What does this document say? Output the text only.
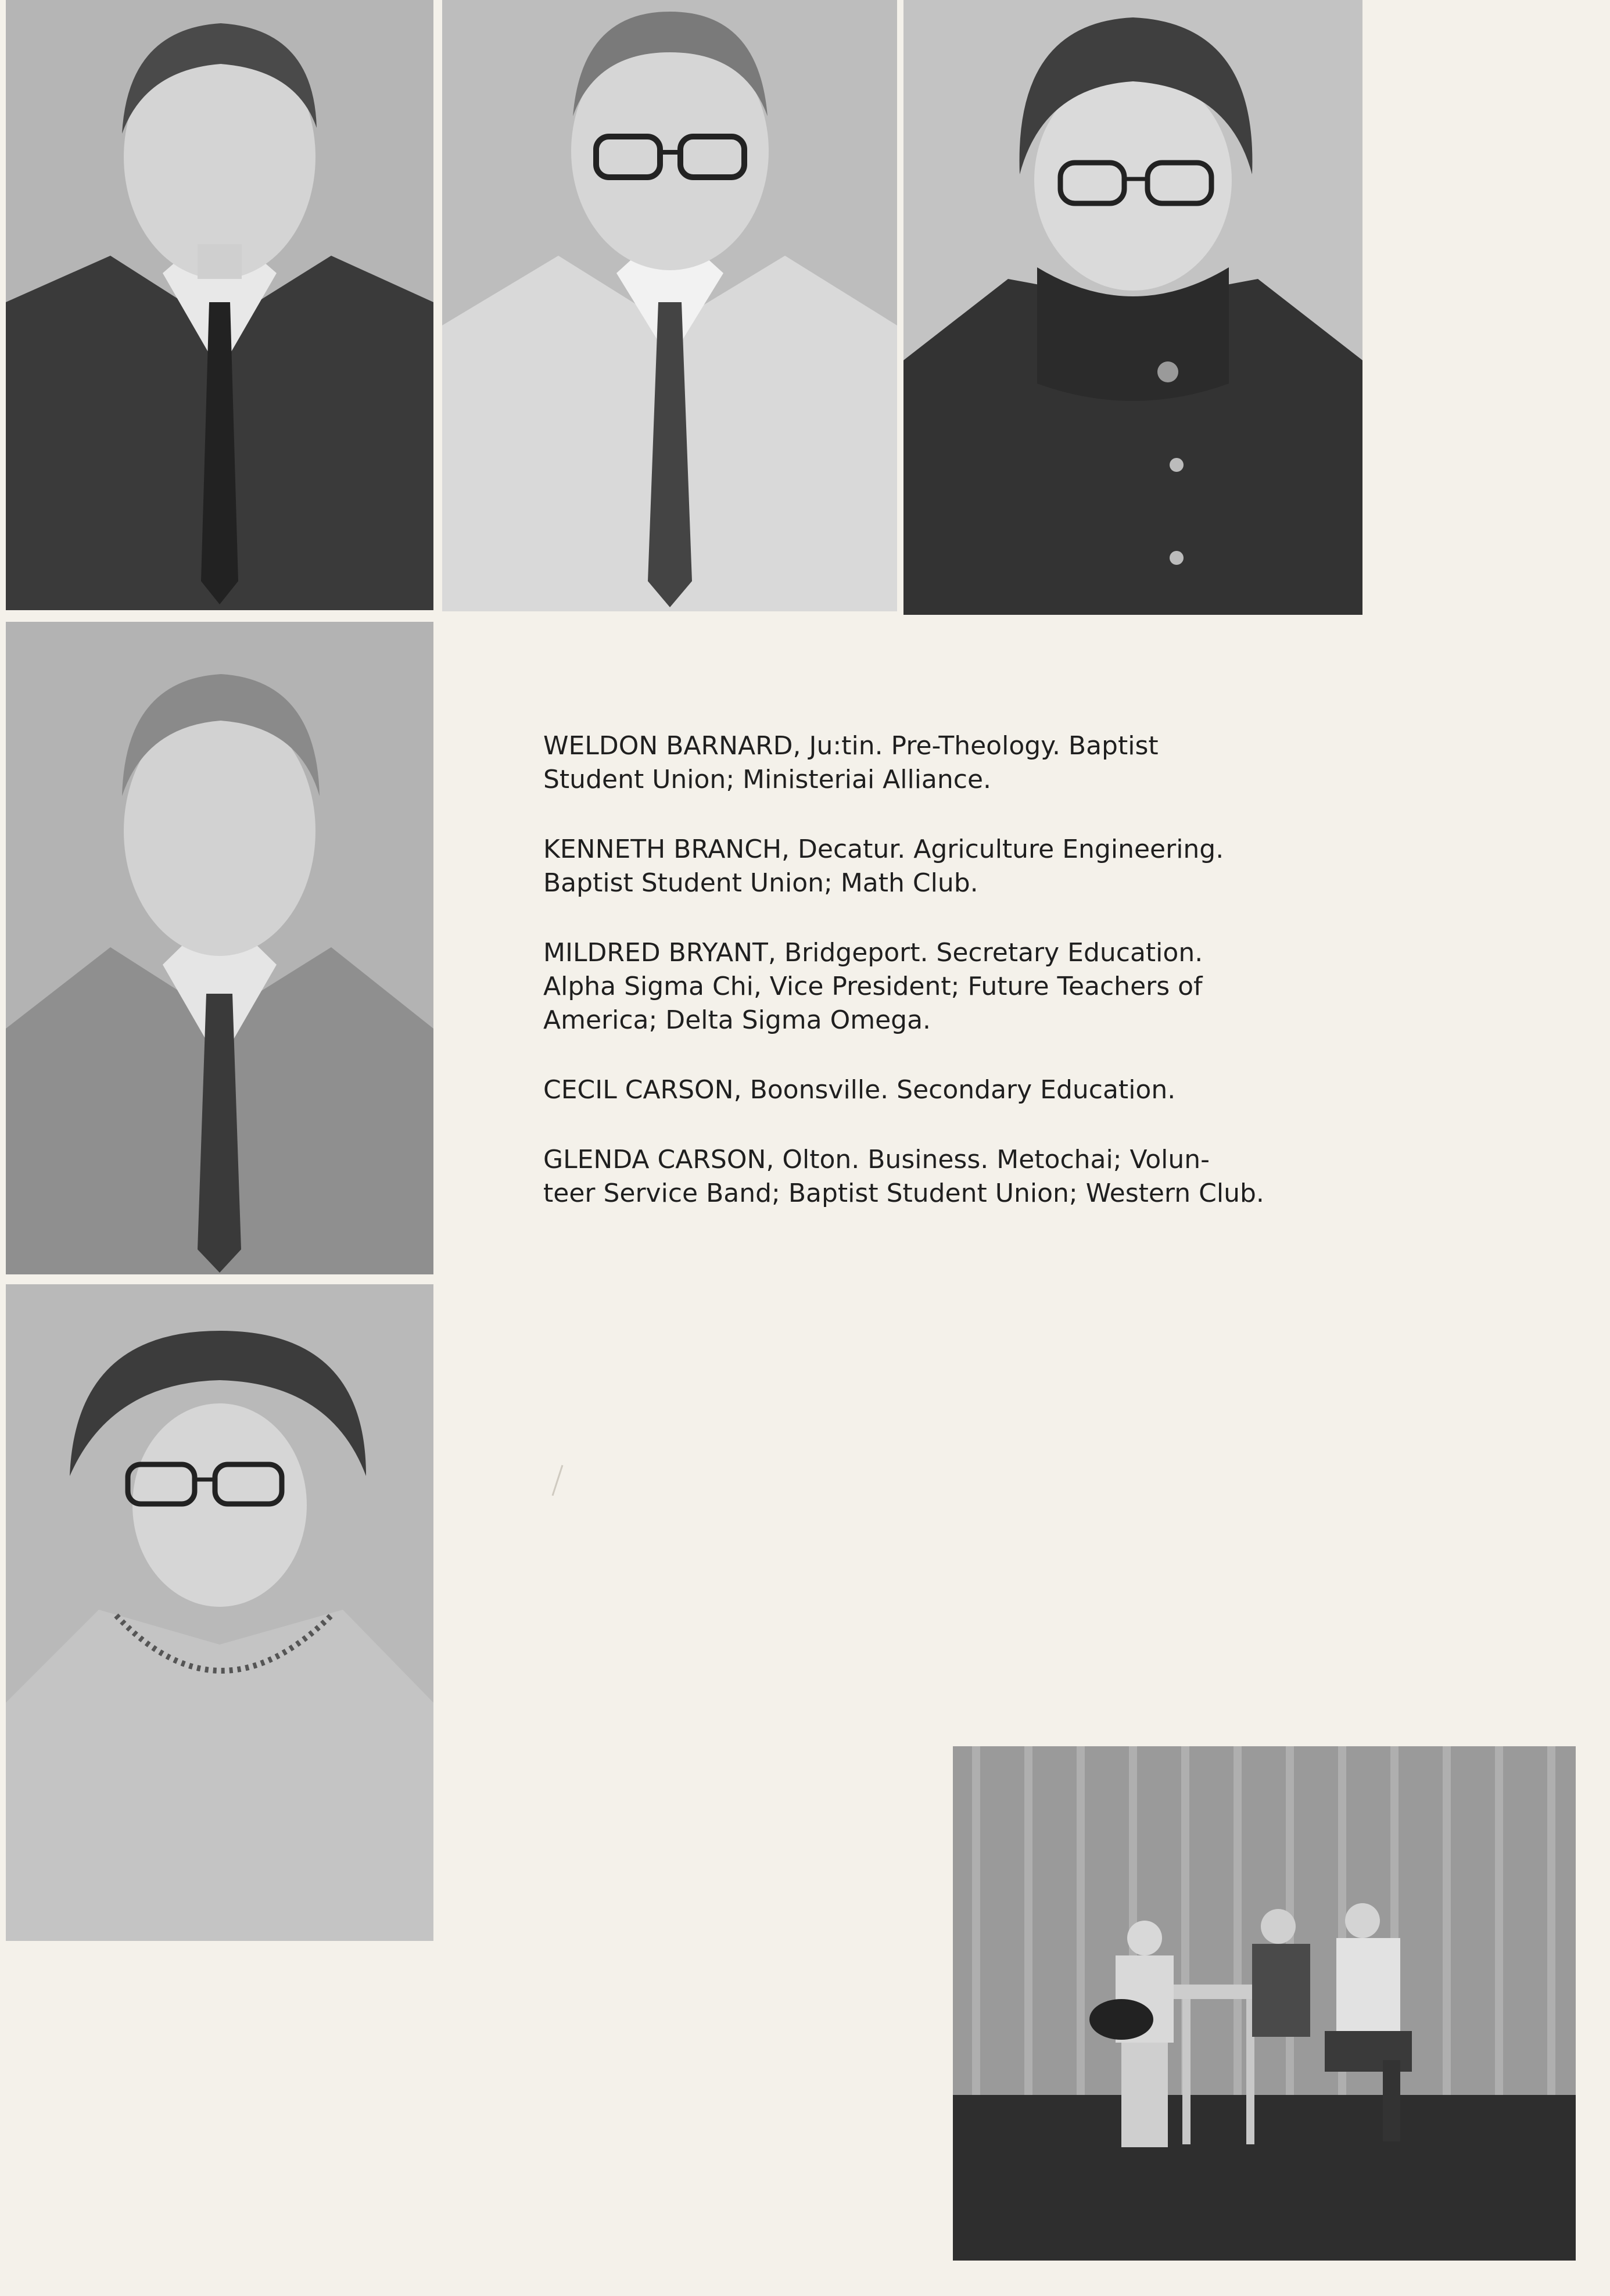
WELDON BARNARD, Ju:tin. Pre-Theology. Baptist
Student Union; Ministeriai Alliance.

KENNETH BRANCH, Decatur. Agriculture Engineering.
Baptist Student Union; Math Club.

MILDRED BRYANT, Bridgeport. Secretary Education.
Alpha Sigma Chi, Vice President; Future Teachers of
America; Delta Sigma Omega.

CECIL CARSON, Boonsville. Secondary Education.

GLENDA CARSON, Olton. Business. Metochai; Volun-
teer Service Band; Baptist Student Union; Western Club.
